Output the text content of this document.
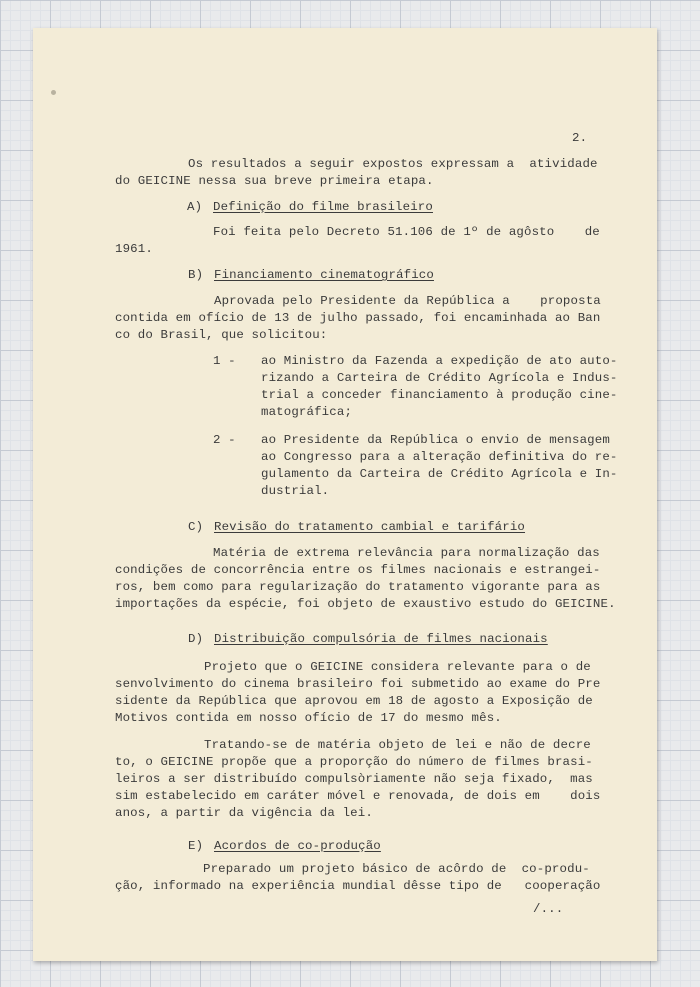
2.

Os resultados a seguir expostos expressam a  atividade

do GEICINE nessa sua breve primeira etapa.

A) Definição do filme brasileiro

Foi feita pelo Decreto 51.106 de 1º de agôsto    de

1961.

B) Financiamento cinematográfico

Aprovada pelo Presidente da República a    proposta

contida em ofício de 13 de julho passado, foi encaminhada ao Ban

co do Brasil, que solicitou:

1 - ao Ministro da Fazenda a expedição de ato auto-

rizando a Carteira de Crédito Agrícola e Indus-

trial a conceder financiamento à produção cine-

matográfica;

2 - ao Presidente da República o envio de mensagem

ao Congresso para a alteração definitiva do re-

gulamento da Carteira de Crédito Agrícola e In-

dustrial.

C) Revisão do tratamento cambial e tarifário

Matéria de extrema relevância para normalização das

condições de concorrência entre os filmes nacionais e estrangei-

ros, bem como para regularização do tratamento vigorante para as

importações da espécie, foi objeto de exaustivo estudo do GEICINE.

D) Distribuição compulsória de filmes nacionais

Projeto que o GEICINE considera relevante para o de

senvolvimento do cinema brasileiro foi submetido ao exame do Pre

sidente da República que aprovou em 18 de agosto a Exposição de

Motivos contida em nosso ofício de 17 do mesmo mês.

Tratando-se de matéria objeto de lei e não de decre

to, o GEICINE propõe que a proporção do número de filmes brasi-

leiros a ser distribuído compulsòriamente não seja fixado,  mas

sim estabelecido em caráter móvel e renovada, de dois em    dois

anos, a partir da vigência da lei.

E) Acordos de co-produção

Preparado um projeto básico de acôrdo de  co-produ-

ção, informado na experiência mundial dêsse tipo de   cooperação

/...
